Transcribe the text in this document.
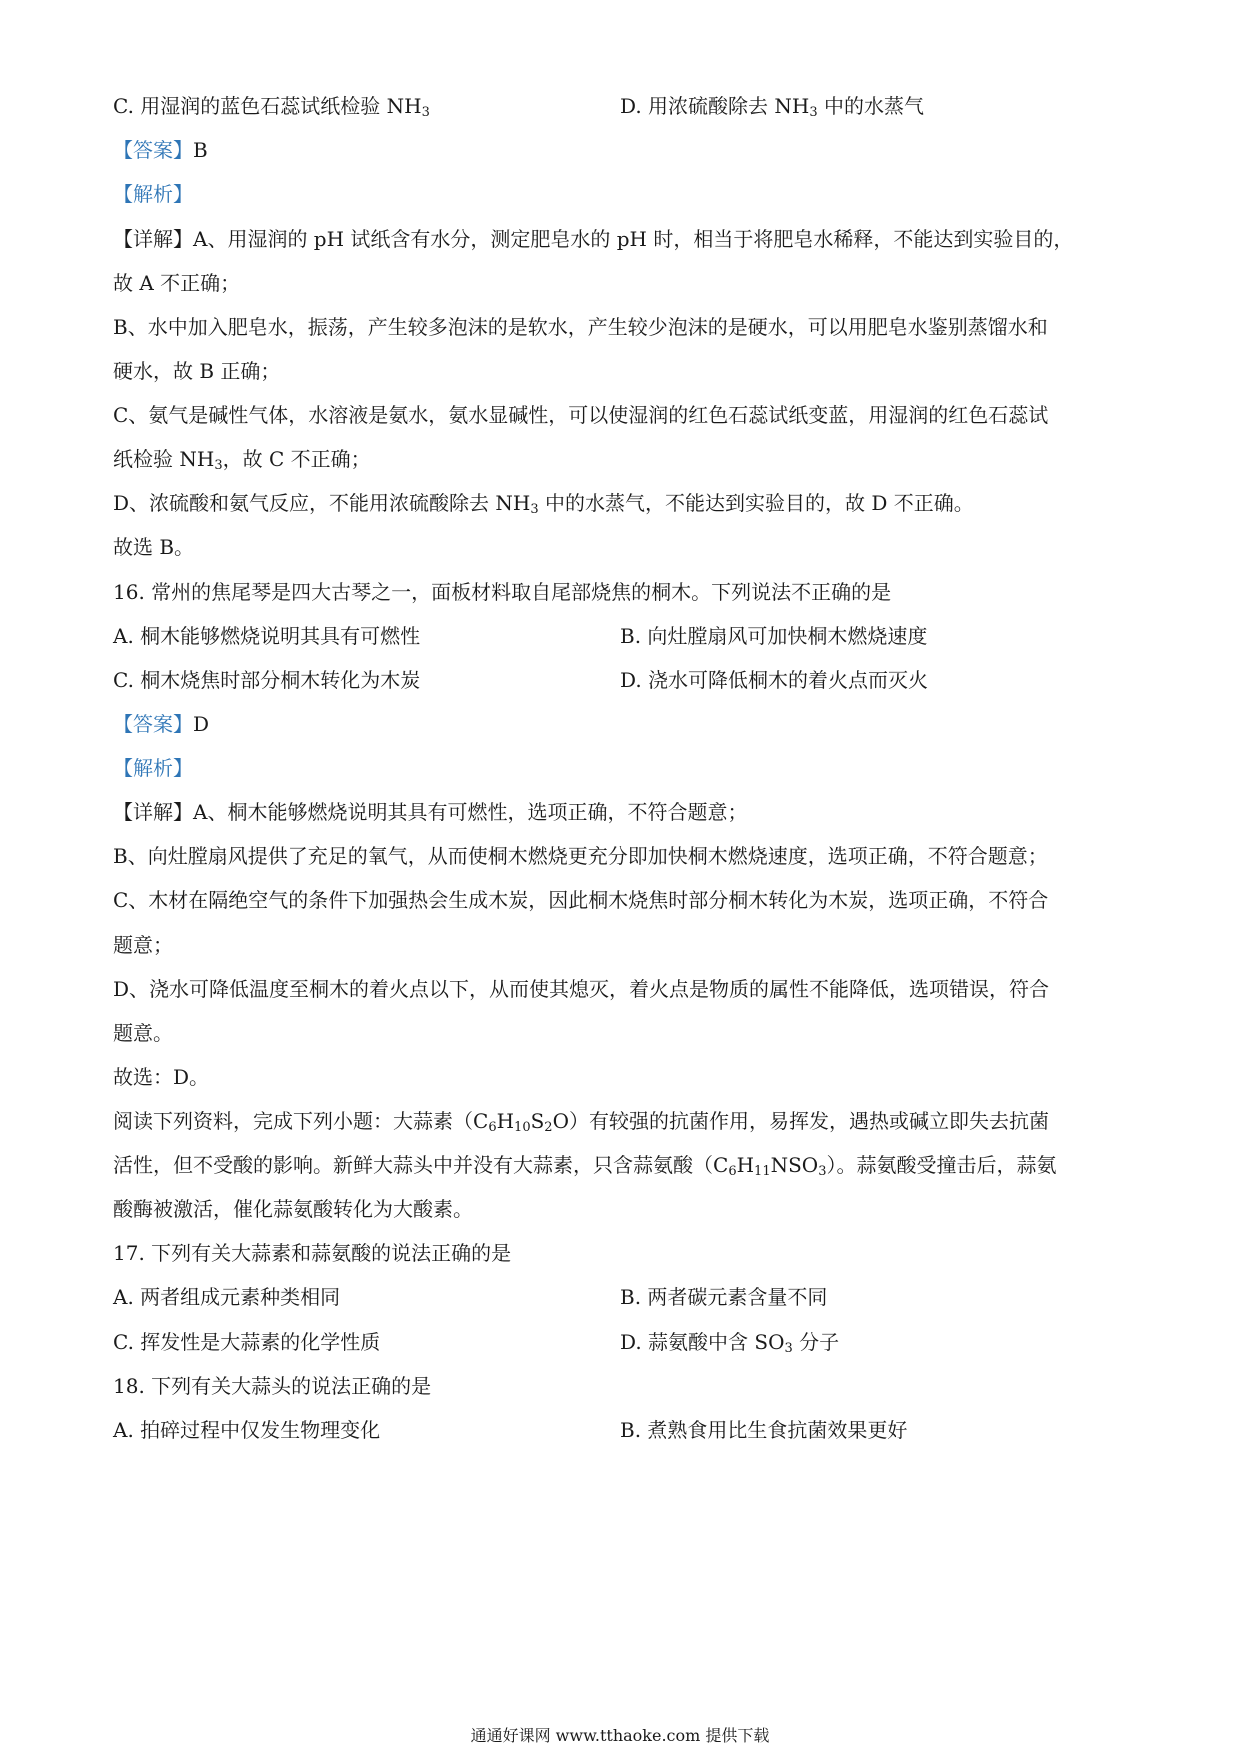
C. 用湿润的蓝色石蕊试纸检验 $NH_3$	D. 用浓硫酸除去 $NH_3$ 中的水蒸气
【答案】B
【解析】
【详解】A、用湿润的 pH 试纸含有水分，测定肥皂水的 pH 时，相当于将肥皂水稀释，不能达到实验目的，
故 A 不正确；
B、水中加入肥皂水，振荡，产生较多泡沫的是软水，产生较少泡沫的是硬水，可以用肥皂水鉴别蒸馏水和
硬水，故 B 正确；
C、氨气是碱性气体，水溶液是氨水，氨水显碱性，可以使湿润的红色石蕊试纸变蓝，用湿润的红色石蕊试
纸检验 $NH_3$，故 C 不正确；
D、浓硫酸和氨气反应，不能用浓硫酸除去 $NH_3$ 中的水蒸气，不能达到实验目的，故 D 不正确。
故选 B。
16. 常州的焦尾琴是四大古琴之一，面板材料取自尾部烧焦的桐木。下列说法不正确的是
A. 桐木能够燃烧说明其具有可燃性	B. 向灶膛扇风可加快桐木燃烧速度
C. 桐木烧焦时部分桐木转化为木炭	D. 浇水可降低桐木的着火点而灭火
【答案】D
【解析】
【详解】A、桐木能够燃烧说明其具有可燃性，选项正确，不符合题意；
B、向灶膛扇风提供了充足的氧气，从而使桐木燃烧更充分即加快桐木燃烧速度，选项正确，不符合题意；
C、木材在隔绝空气的条件下加强热会生成木炭，因此桐木烧焦时部分桐木转化为木炭，选项正确，不符合
题意；
D、浇水可降低温度至桐木的着火点以下，从而使其熄灭，着火点是物质的属性不能降低，选项错误，符合
题意。
故选：D。
阅读下列资料，完成下列小题：大蒜素$(C_6H_{10}S_2O)$有较强的抗菌作用，易挥发，遇热或碱立即失去抗菌
活性，但不受酸的影响。新鲜大蒜头中并没有大蒜素，只含蒜氨酸$(C_6H_{11}NSO_3)$。蒜氨酸受撞击后，蒜氨
酸酶被激活，催化蒜氨酸转化为大酸素。
17. 下列有关大蒜素和蒜氨酸的说法正确的是
A. 两者组成元素种类相同	B. 两者碳元素含量不同
C. 挥发性是大蒜素的化学性质	D. 蒜氨酸中含 $SO_3$ 分子
18. 下列有关大蒜头的说法正确的是
A. 拍碎过程中仅发生物理变化	B. 煮熟食用比生食抗菌效果更好
通通好课网 www.tthaoke.com 提供下载
